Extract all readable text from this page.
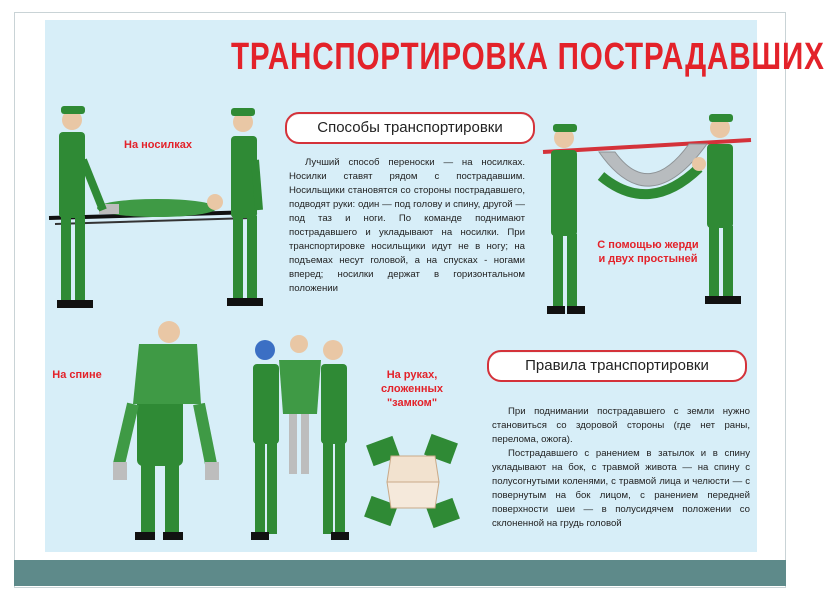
ТРАНСПОРТИРОВКА ПОСТРАДАВШИХ
Способы транспортировки
Правила транспортировки

Лучший способ переноски — на носилках. Носилки ставят рядом с пострадавшим. Носильщики становятся со стороны пострадавшего, подводят руки: один — под голову и спину, другой — под таз и ноги. По команде поднимают пострадавшего и укладывают на носилки. При транспортировке носильщики идут не в ногу; на подъемах несут головой, а на спусках - ногами вперед; носилки держат в горизонтальном положении

При поднимании пострадавшего с земли нужно становиться со здоровой стороны (где нет раны, перелома, ожога).

Пострадавшего с ранением в затылок и в спину укладывают на бок, с травмой живота — на спину с полусогнутыми коленями, с травмой лица и челюсти — с повернутым на бок лицом, с ранением передней поверхности шеи — в полусидячем положении со склоненной на грудь головой

На носилках
С помощью жерди и двух простыней
На спине	На руках, сложенных "замком"
